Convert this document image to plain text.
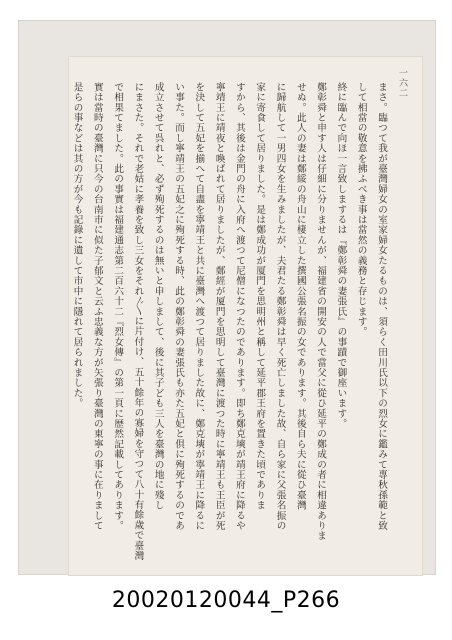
一六二
まさ。臨つて我が臺灣婦女の室家婦女たるものは、須らく田川氏以下の烈女に鑑みて專秋孫範と致
して相當の敬意を拂ふべき事は當然の義務と存じます。
終に臨んで向ほ一言致しまするは『鄭彰舜の妻張氏』の事蹟で御座います。
鄭彰舜と申す人は仔細に分りませんが、福建省の開安の人で當父に從ひ延平の鄭成の者に相違ありま
せぬ。此人の妻は鄭綏の舟山に棲立した撰國公張名振の女であります。其後自ら夫に從ひ臺灣
に歸航して一男四女を生みましたが、夫君たる鄭彰舜は早く死亡しました故、自ら家に父張名振の
家に寄食して居りました。是は鄭成功が厦門を思明州と稱して延平郡王府を置きた頃でありま
すから、其後は金門の舟に入府へ渡つて尼僧になつたのであります。即ち鄭克塽が靖王府に降るや
寧靖王に靖夜と喚ばれて居りましたが、鄭經が厦門を思明して臺灣に渡つた時に寧靖王も王臣が死
を決して五妃を揃へて自盡を寧靖王と共に臺灣へ渡つて居りました故に、鄭克塽が寧靖王に降るに
い事た。而し寧靖王の五妃之に殉死する時、此の鄭彰舜の妻張氏も亦た五妃と倶に殉死するのであ
成立させて呉れと、必ず殉死するのは無いと申しまして、後に其子ども三人を臺灣の地に殘し
にまさた。それで老姑に孝養を致し三女をそれ〴〵に片付け、五十餘年の寡婦を守つて八十有餘歲で臺灣
で相果てました。此の事實は福建通志第二百六十二『烈女傳』の第一頁に歴然記載してあります。
實は當時の臺灣に只今の台南市に似た子郁文と云ふ忠義な方が矢張り臺灣の東寧の事に在りまして
是らの事などは其の方が今も記錄に遺して市中に隱れて居られました。
20020120044_P266
